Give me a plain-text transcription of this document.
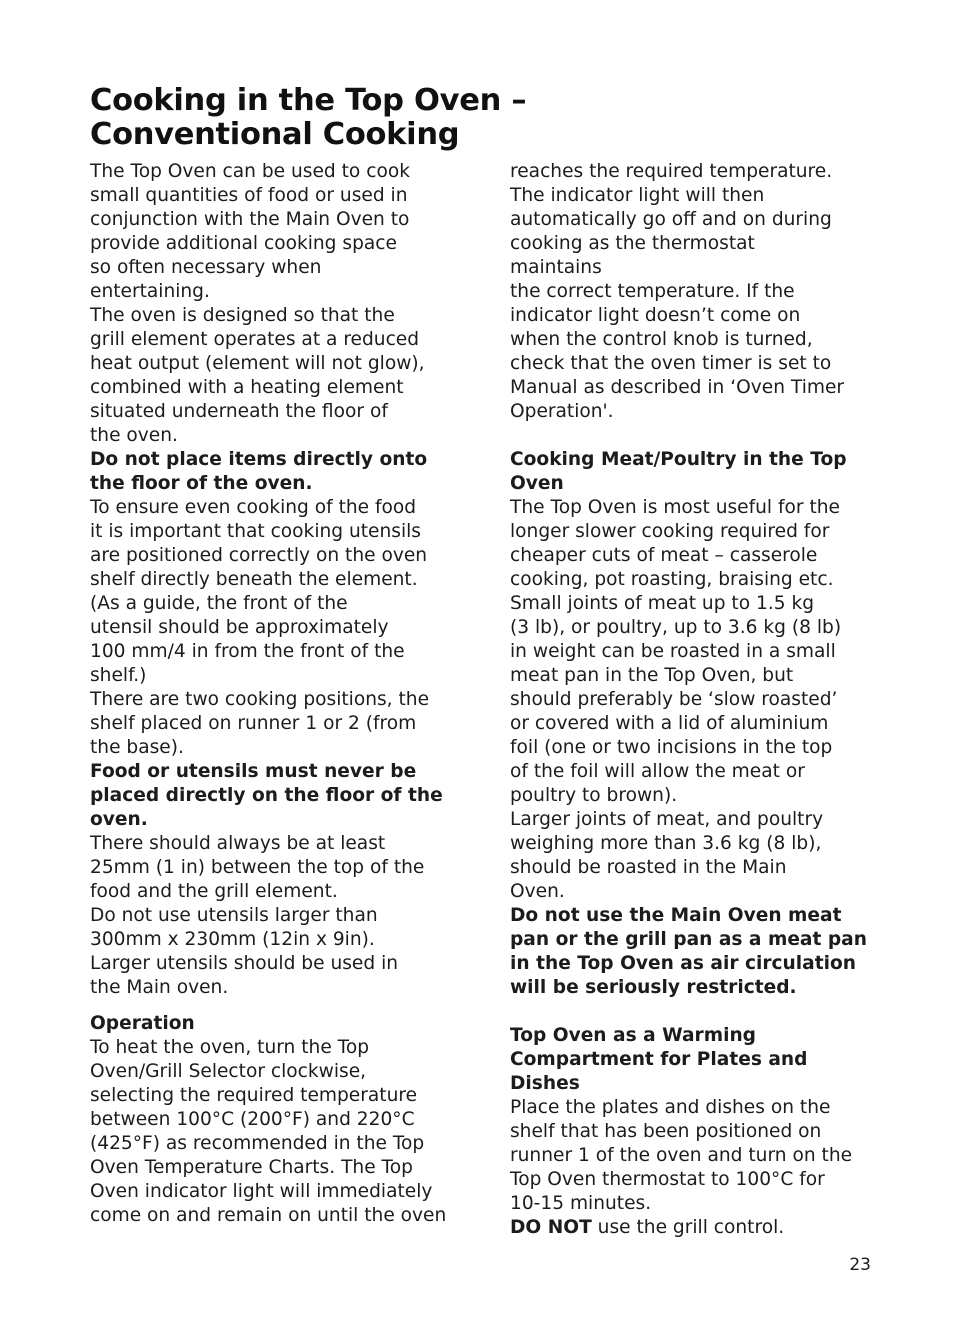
Cooking in the Top Oven –
Conventional Cooking
The Top Oven can be used to cook
small quantities of food or used in
conjunction with the Main Oven to
provide additional cooking space
so often necessary when
entertaining.
The oven is designed so that the
grill element operates at a reduced
heat output (element will not glow),
combined with a heating element
situated underneath the floor of
the oven.
Do not place items directly onto
the floor of the oven.
To ensure even cooking of the food
it is important that cooking utensils
are positioned correctly on the oven
shelf directly beneath the element.
(As a guide, the front of the
utensil should be approximately
100 mm/4 in from the front of the
shelf.)
There are two cooking positions, the
shelf placed on runner 1 or 2 (from
the base).
Food or utensils must never be
placed directly on the floor of the
oven.
There should always be at least
25mm (1 in) between the top of the
food and the grill element.
Do not use utensils larger than
300mm x 230mm (12in x 9in).
Larger utensils should be used in
the Main oven.
Operation
To heat the oven, turn the Top
Oven/Grill Selector clockwise,
selecting the required temperature
between 100°C (200°F) and 220°C
(425°F) as recommended in the Top
Oven Temperature Charts. The Top
Oven indicator light will immediately
come on and remain on until the oven
reaches the required temperature.
The indicator light will then
automatically go off and on during
cooking as the thermostat
maintains
the correct temperature. If the
indicator light doesn’t come on
when the control knob is turned,
check that the oven timer is set to
Manual as described in ‘Oven Timer
Operation'.
Cooking Meat/Poultry in the Top
Oven
The Top Oven is most useful for the
longer slower cooking required for
cheaper cuts of meat – casserole
cooking, pot roasting, braising etc.
Small joints of meat up to 1.5 kg
(3 lb), or poultry, up to 3.6 kg (8 lb)
in weight can be roasted in a small
meat pan in the Top Oven, but
should preferably be ‘slow roasted’
or covered with a lid of aluminium
foil (one or two incisions in the top
of the foil will allow the meat or
poultry to brown).
Larger joints of meat, and poultry
weighing more than 3.6 kg (8 lb),
should be roasted in the Main
Oven.
Do not use the Main Oven meat
pan or the grill pan as a meat pan
in the Top Oven as air circulation
will be seriously restricted.
Top Oven as a Warming
Compartment for Plates and
Dishes
Place the plates and dishes on the
shelf that has been positioned on
runner 1 of the oven and turn on the
Top Oven thermostat to 100°C for
10-15 minutes.
DO NOT use the grill control.
23
